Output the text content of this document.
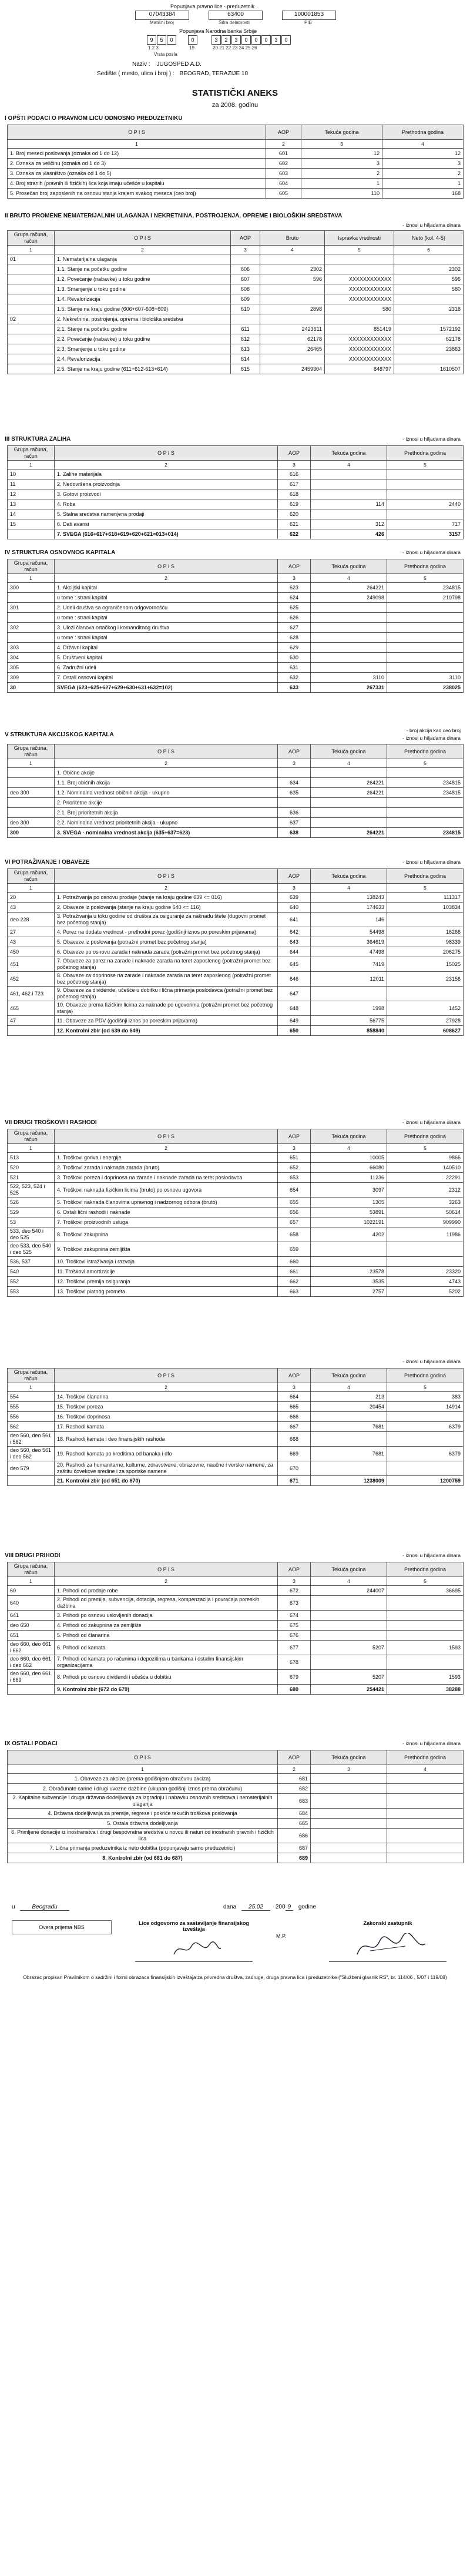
Popunjava pravno lice - preduzetnik
07043384
Matični broj
63400
Šifra delatnosti
100001853
PIB
Popunjava Narodna banka Srbije
9	5	0	0	3	2	3	0	0	0	3	0
1 2 3	19	20 21 22 23 24 25 26
Vrsta posla
Naziv : JUGOSPED A.D.
Sedište ( mesto, ulica i broj ) : BEOGRAD, TERAZIJE 10
STATISTIČKI ANEKS
za 2008. godinu
I OPŠTI PODACI O PRAVNOM LICU ODNOSNO PREDUZETNIKU
O P I S	AOP	Tekuća godina	Prethodna godina
1	2	3	4
1. Broj meseci poslovanja (oznaka od 1 do 12)	601	12	12
2. Oznaka za veličinu (oznaka od 1 do 3)	602	3	3
3. Oznaka za vlasništvo (oznaka od 1 do 5)	603	2	2
4. Broj stranih (pravnih ili fizičkih) lica koja imaju učešće u kapitalu	604	1	1
5. Prosečan broj zaposlenih na osnovu stanja krajem svakog meseca (ceo broj)	605	110	168
II BRUTO PROMENE NEMATERIJALNIH ULAGANJA I NEKRETNINA, POSTROJENJA, OPREME I BIOLOŠKIH SREDSTAVA
- iznosi u hiljadama dinara
Grupa računa, račun	O P I S	AOP	Bruto	Ispravka vrednosti	Neto (kol. 4-5)
1	2	3	4	5	6
01	1. Nematerijalna ulaganja				
	1.1. Stanje na početku godine	606	2302		2302
	1.2. Povećanje (nabavke) u toku godine	607	596	XXXXXXXXXXXX	596
	1.3. Smanjenje u toku godine	608		XXXXXXXXXXXX	580
	1.4. Revalorizacija	609		XXXXXXXXXXXX	
	1.5. Stanje na kraju godine (606+607-608+609)	610	2898	580	2318
02	2. Nekretnine, postrojenja, oprema i biološka sredstva				
	2.1. Stanje na početku godine	611	2423611	851419	1572192
	2.2. Povećanje (nabavke) u toku godine	612	62178	XXXXXXXXXXXX	62178
	2.3. Smanjenje u toku godine	613	26465	XXXXXXXXXXXX	23863
	2.4. Revalorizacija	614		XXXXXXXXXXXX	
	2.5. Stanje na kraju godine (611+612-613+614)	615	2459304	848797	1610507
III STRUKTURA ZALIHA	- iznosi u hiljadama dinara
Grupa računa, račun	O P I S	AOP	Tekuća godina	Prethodna godina
1	2	3	4	5
10	1. Zalihe materijala	616		
11	2. Nedovršena proizvodnja	617		
12	3. Gotovi proizvodi	618		
13	4. Roba	619	114	2440
14	5. Stalna sredstva namenjena prodaji	620		
15	6. Dati avansi	621	312	717
	7. SVEGA (616+617+618+619+620+621=013+014)	622	426	3157
IV STRUKTURA OSNOVNOG KAPITALA	- iznosi u hiljadama dinara
Grupa računa, račun	O P I S	AOP	Tekuća godina	Prethodna godina
1	2	3	4	5
300	1. Akcijski kapital	623	264221	234815
	u tome : strani kapital	624	249098	210798
301	2. Udeli društva sa ograničenom odgovornošću	625		
	u tome : strani kapital	626		
302	3. Ulozi članova ortačkog i komanditnog društva	627		
	u tome : strani kapital	628		
303	4. Državni kapital	629		
304	5. Društveni kapital	630		
305	6. Zadružni udeli	631		
309	7. Ostali osnovni kapital	632	3110	3110
30	SVEGA (623+625+627+629+630+631+632=102)	633	267331	238025
V STRUKTURA AKCIJSKOG KAPITALA
- broj akcija kao ceo broj
- iznosi u hiljadama dinara
Grupa računa, račun	O P I S	AOP	Tekuća godina	Prethodna godina
1	2	3	4	5
	1. Obične akcije			
	1.1. Broj običnih akcija	634	264221	234815
deo 300	1.2. Nominalna vrednost običnih akcija - ukupno	635	264221	234815
	2. Prioritetne akcije			
	2.1. Broj prioritetnih akcija	636		
deo 300	2.2. Nominalna vrednost prioritetnih akcija - ukupno	637		
300	3. SVEGA - nominalna vrednost akcija (635+637=623)	638	264221	234815
VI POTRAŽIVANJE I OBAVEZE	- iznosi u hiljadama dinara
Grupa računa, račun	O P I S	AOP	Tekuća godina	Prethodna godina
1	2	3	4	5
20	1. Potraživanja po osnovu prodaje (stanje na kraju godine 639 <= 016)	639	138243	111317
43	2. Obaveze iz poslovanja (stanje na kraju godine 640 <= 116)	640	174633	103834
deo 228	3. Potraživanja u toku godine od društva za osiguranje za naknadu štete (dugovni promet bez početnog stanja)	641	146	
27	4. Porez na dodatu vrednost - prethodni porez (godišnji iznos po poreskim prijavama)	642	54498	16266
43	5. Obaveze iz poslovanja (potražni promet bez početnog stanja)	643	364619	98339
450	6. Obaveze po osnovu zarada i naknada zarada (potražni promet bez početnog stanja)	644	47498	206275
451	7. Obaveze za porez na zarade i naknade zarada na teret zaposlenog (potražni promet bez početnog stanja)	645	7419	15025
452	8. Obaveze za doprinose na zarade i naknade zarada na teret zaposlenog (potražni promet bez početnog stanja)	646	12011	23156
461, 462 i 723	9. Obaveze za dividende, učešće u dobitku i lična primanja poslodavca (potražni promet bez početnog stanja)	647		
465	10. Obaveze prema fizičkim licima za naknade po ugovorima (potražni promet bez početnog stanja)	648	1998	1452
47	11. Obaveze za PDV (godišnji iznos po poreskim prijavama)	649	56775	27928
	12. Kontrolni zbir (od 639 do 649)	650	858840	608627
VII DRUGI TROŠKOVI I RASHODI	- iznosi u hiljadama dinara
Grupa računa, račun	O P I S	AOP	Tekuća godina	Prethodna godina
1	2	3	4	5
513	1. Troškovi goriva i energije	651	10005	9866
520	2. Troškovi zarada i naknada zarada (bruto)	652	66080	140510
521	3. Troškovi poreza i doprinosa na zarade i naknade zarada na teret poslodavca	653	11236	22291
522, 523, 524 i 525	4. Troškovi naknada fizičkim licima (bruto) po osnovu ugovora	654	3097	2312
526	5. Troškovi naknada članovima upravnog i nadzornog odbora (bruto)	655	1305	3263
529	6. Ostali lični rashodi i naknade	656	53891	50614
53	7. Troškovi proizvodnih usluga	657	1022191	909990
533, deo 540 i deo 525	8. Troškovi zakupnina	658	4202	11986
deo 533, deo 540 i deo 525	9. Troškovi zakupnina zemljišta	659		
536, 537	10. Troškovi istraživanja i razvoja	660		
540	11. Troškovi amortizacije	661	23578	23320
552	12. Troškovi premija osiguranja	662	3535	4743
553	13. Troškovi platnog prometa	663	2757	5202
- iznosi u hiljadama dinara
Grupa računa, račun	O P I S	AOP	Tekuća godina	Prethodna godina
1	2	3	4	5
554	14. Troškovi članarina	664	213	383
555	15. Troškovi poreza	665	20454	14914
556	16. Troškovi doprinosa	666		
562	17. Rashodi kamata	667	7681	6379
deo 560, deo 561 i 562	18. Rashodi kamata i deo finansijskih rashoda	668		
deo 560, deo 561 i deo 562	19. Rashodi kamata po kreditima od banaka i dfo	669	7681	6379
deo 579	20. Rashodi za humanitarne, kulturne, zdravstvene, obrazovne, naučne i verske namene, za zaštitu čovekove sredine i za sportske namene	670		
	21. Kontrolni zbir (od 651 do 670)	671	1238009	1200759
VIII DRUGI PRIHODI	- iznosi u hiljadama dinara
Grupa računa, račun	O P I S	AOP	Tekuća godina	Prethodna godina
1	2	3	4	5
60	1. Prihodi od prodaje robe	672	244007	36695
640	2. Prihodi od premija, subvencija, dotacija, regresa, kompenzacija i povraćaja poreskih dažbina	673		
641	3. Prihodi po osnovu uslovljenih donacija	674		
deo 650	4. Prihodi od zakupnina za zemljište	675		
651	5. Prihodi od članarina	676		
deo 660, deo 661 i 662	6. Prihodi od kamata	677	5207	1593
deo 660, deo 661 i deo 662	7. Prihodi od kamata po računima i depozitima u bankama i ostalim finansijskim organizacijama	678		
deo 660, deo 661 i 669	8. Prihodi po osnovu dividendi i učešća u dobitku	679	5207	1593
	9. Kontrolni zbir (672 do 679)	680	254421	38288
IX OSTALI PODACI	- iznosi u hiljadama dinara
O P I S	AOP	Tekuća godina	Prethodna godina
1	2	3	4
1. Obaveze za akcize (prema godišnjem obračunu akciza)	681		
2. Obračunate carine i drugi uvozne dažbine (ukupan godišnji iznos prema obračunu)	682		
3. Kapitalne subvencije i druga državna dodeljivanja za izgradnju i nabavku osnovnih sredstava i nematerijalnih ulaganja	683		
4. Državna dodeljivanja za premije, regrese i pokriće tekućih troškova poslovanja	684		
5. Ostala državna dodeljivanja	685		
6. Primljene donacije iz inostranstva i drugi bespovratna sredstva u novcu ili naturi od inostranih pravnih i fizičkih lica	686		
7. Lična primanja preduzetnika iz neto dobitka (popunjavaju samo preduzetnici)	687		
8. Kontrolni zbir (od 681 do 687)	689		
u	Beogradu	dana 25.02 200 9 godine
Overa prijema NBS
Lice odgovorno za sastavljanje finansijskog izveštaja
M.P.
Zakonski zastupnik
Obrazac propisan Pravilnikom o sadržini i formi obrazaca finansijskih izveštaja za privredna društva, zadruge, druga pravna lica i preduzetnike ("Službeni glasnik RS", br. 114/06 , 5/07 i 119/08)
